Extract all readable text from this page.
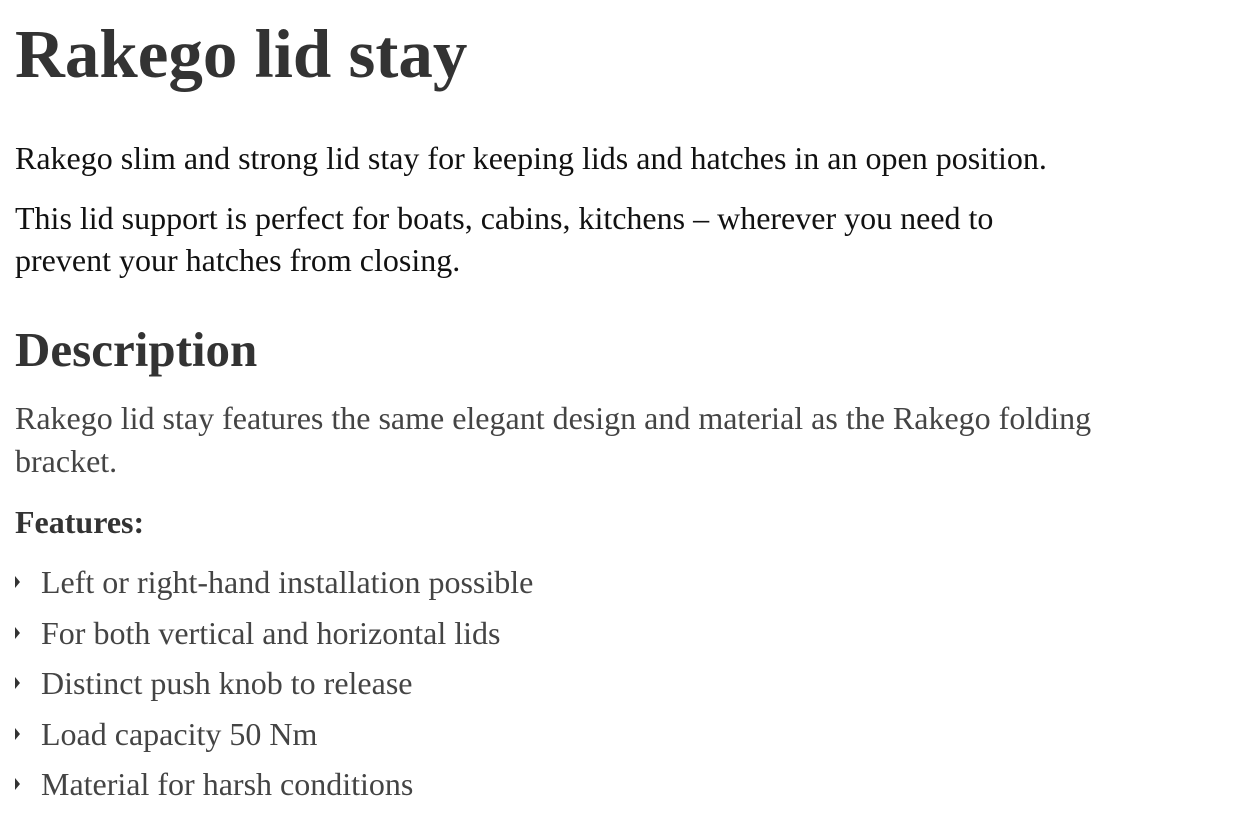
Rakego lid stay

Rakego slim and strong lid stay for keeping lids and hatches in an open position.

This lid support is perfect for boats, cabins, kitchens – wherever you need to prevent your hatches from closing.

Description

Rakego lid stay features the same elegant design and material as the Rakego folding bracket.

Features:

Left or right-hand installation possible
For both vertical and horizontal lids
Distinct push knob to release
Load capacity 50 Nm
Material for harsh conditions
